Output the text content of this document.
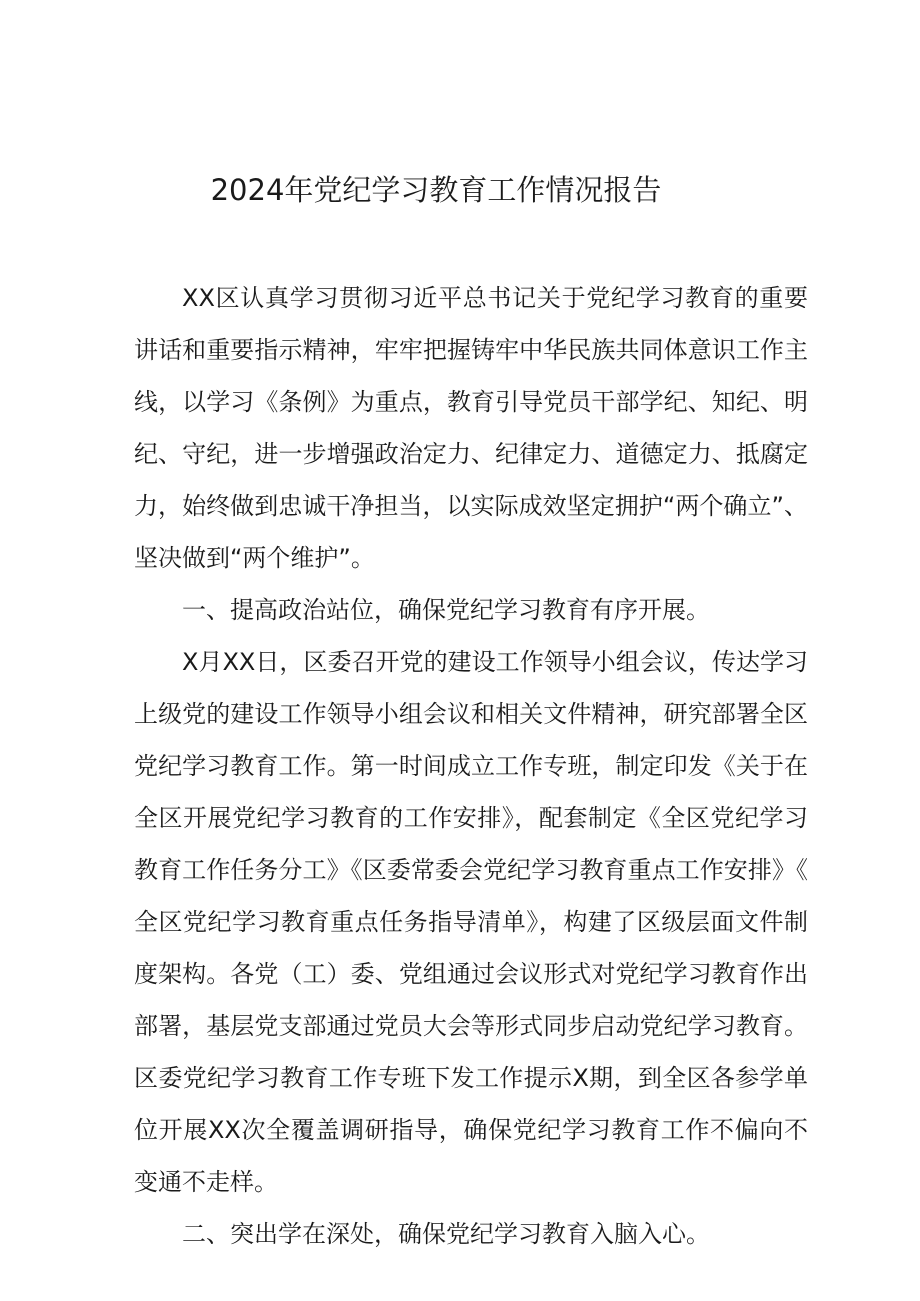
2024年党纪学习教育工作情况报告

XX区认真学习贯彻习近平总书记关于党纪学习教育的重要讲话和重要指示精神，牢牢把握铸牢中华民族共同体意识工作主线，以学习《条例》为重点，教育引导党员干部学纪、知纪、明纪、守纪，进一步增强政治定力、纪律定力、道德定力、抵腐定力，始终做到忠诚干净担当，以实际成效坚定拥护“两个确立”、坚决做到“两个维护”。

一、提高政治站位，确保党纪学习教育有序开展。

X月XX日，区委召开党的建设工作领导小组会议，传达学习上级党的建设工作领导小组会议和相关文件精神，研究部署全区党纪学习教育工作。第一时间成立工作专班，制定印发《关于在全区开展党纪学习教育的工作安排》，配套制定《全区党纪学习教育工作任务分工》《区委常委会党纪学习教育重点工作安排》《全区党纪学习教育重点任务指导清单》，构建了区级层面文件制度架构。各党（工）委、党组通过会议形式对党纪学习教育作出部署，基层党支部通过党员大会等形式同步启动党纪学习教育。区委党纪学习教育工作专班下发工作提示X期，到全区各参学单位开展XX次全覆盖调研指导，确保党纪学习教育工作不偏向不变通不走样。

二、突出学在深处，确保党纪学习教育入脑入心。
